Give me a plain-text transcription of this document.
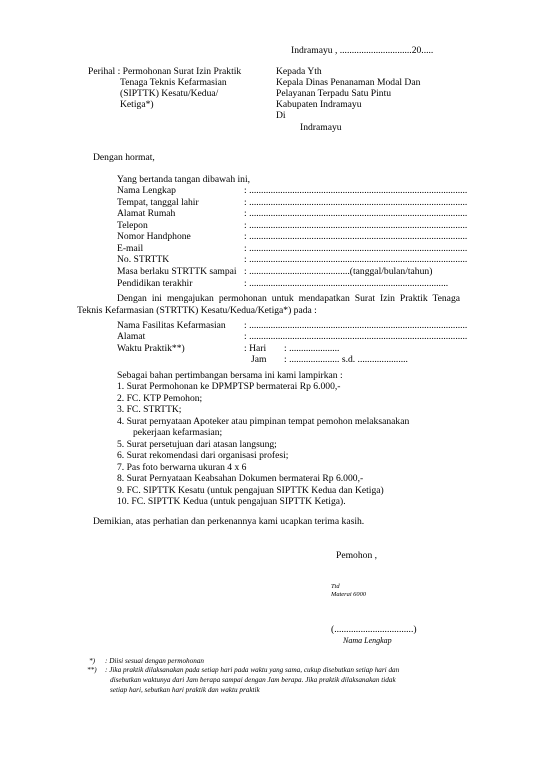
Indramayu , ..............................20.....
Perihal : Permohonan Surat Izin Praktik
Tenaga Teknis Kefarmasian
(SIPTTK) Kesatu/Kedua/
Ketiga*)
Kepada Yth
Kepala Dinas Penanaman Modal Dan
Pelayanan Terpadu Satu Pintu
Kabupaten Indramayu
Di
Indramayu
Dengan hormat,
Yang bertanda tangan dibawah ini,
Nama Lengkap	: ...........................................................................................
Tempat, tanggal lahir	: ...........................................................................................
Alamat Rumah	: ...........................................................................................
Telepon	: ...........................................................................................
Nomor Handphone	: ...........................................................................................
E-mail	: ...........................................................................................
No. STRTTK	: ...........................................................................................
Masa berlaku STRTTK sampai : ..........................................(tanggal/bulan/tahun)
Pendidikan terakhir	: ...................................................................................
Dengan ini mengajukan permohonan untuk mendapatkan Surat Izin Praktik Tenaga
Teknis Kefarmasian (STRTTK) Kesatu/Kedua/Ketiga*) pada :
Nama Fasilitas Kefarmasian : ...........................................................................................
Alamat	: ...........................................................................................
Waktu Praktik**)	: Hari : .....................
Jam : ..................... s.d. .....................
Sebagai bahan pertimbangan bersama ini kami lampirkan :
1. Surat Permohonan ke DPMPTSP bermaterai Rp 6.000,-
2. FC. KTP Pemohon;
3. FC. STRTTK;
4. Surat pernyataan Apoteker atau pimpinan tempat pemohon melaksanakan
pekerjaan kefarmasian;
5. Surat persetujuan dari atasan langsung;
6. Surat rekomendasi dari organisasi profesi;
7. Pas foto berwarna ukuran 4 x 6
8. Surat Pernyataan Keabsahan Dokumen bermaterai Rp 6.000,-
9. FC. SIPTTK Kesatu (untuk pengajuan SIPTTK Kedua dan Ketiga)
10. FC. SIPTTK Kedua (untuk pengajuan SIPTTK Ketiga).
Demikian, atas perhatian dan perkenannya kami ucapkan terima kasih.
Pemohon ,
Ttd
Materai 6000
(.................................)
Nama Lengkap
*) : Diisi sesuai dengan permohonan
**) : Jika praktik dilaksanakan pada setiap hari pada waktu yang sama, cukup disebutkan setiap hari dan
disebutkan waktunya dari Jam berapa sampai dengan Jam berapa. Jika praktik dilaksanakan tidak
setiap hari, sebutkan hari praktik dan waktu praktik
